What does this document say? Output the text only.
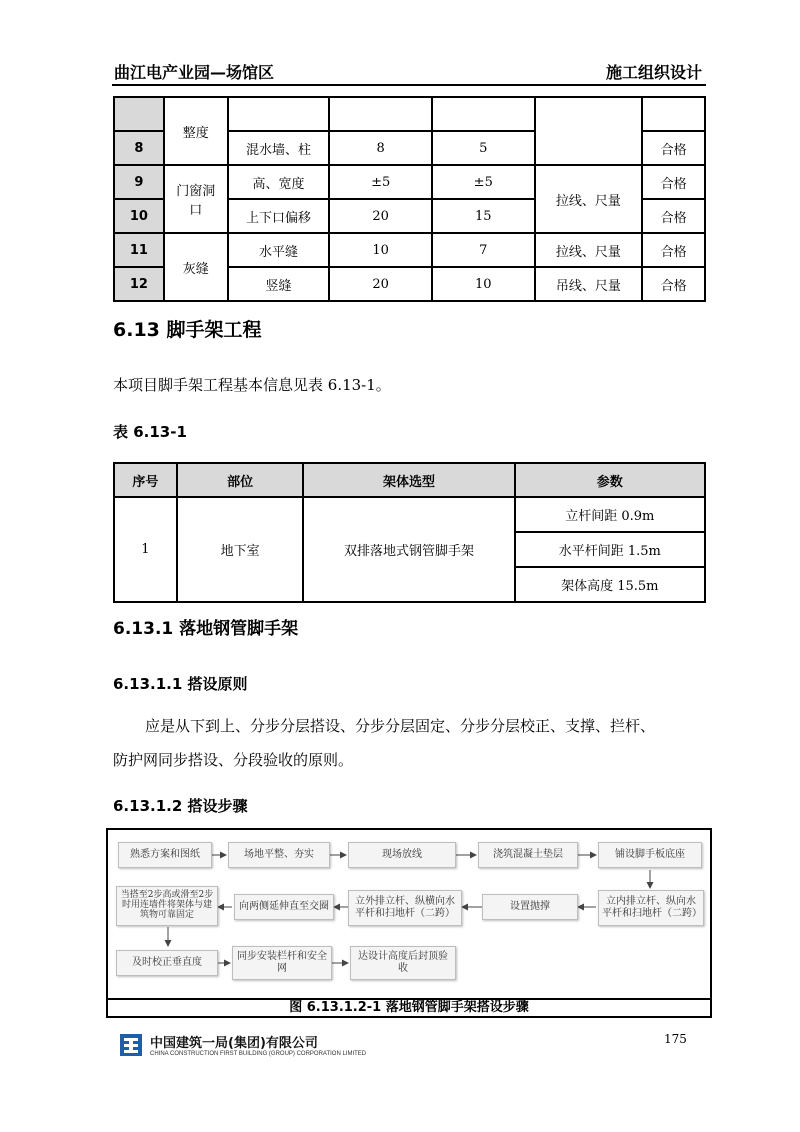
曲江电产业园—场馆区	施工组织设计
	整度					
8		混水墙、柱	8	5		合格
9	门窗洞口	高、宽度	±5	±5	拉线、尺量	合格
10		上下口偏移	20	15		合格
11	灰缝	水平缝	10	7	拉线、尺量	合格
12		竖缝	20	10	吊线、尺量	合格
6.13 脚手架工程
本项目脚手架工程基本信息见表 6.13-1。
表 6.13-1
序号	部位	架体选型	参数
1	地下室	双排落地式钢管脚手架	立杆间距 0.9m
			水平杆间距 1.5m
			架体高度 15.5m
6.13.1 落地钢管脚手架
6.13.1.1 搭设原则
应是从下到上、分步分层搭设、分步分层固定、分步分层校正、支撑、拦杆、
防护网同步搭设、分段验收的原则。
6.13.1.2 搭设步骤
熟悉方案和图纸	场地平整、夯实	现场放线	浇筑混凝土垫层	铺设脚手板底座
立内排立杆、纵向水平杆和扫地杆（二跨）
设置抛撑
立外排立杆、纵横向水平杆和扫地杆（二跨）
向两侧延伸直至交圈
当搭至2步高或滑至2步时用连墙件将架体与建筑物可靠固定
及时校正垂直度
同步安装栏杆和安全网
达设计高度后封顶验收
图 6.13.1.2-1 落地钢管脚手架搭设步骤
中国建筑一局(集团)有限公司
CHINA CONSTRUCTION FIRST BUILDING (GROUP) CORPORATION LIMITED
175
